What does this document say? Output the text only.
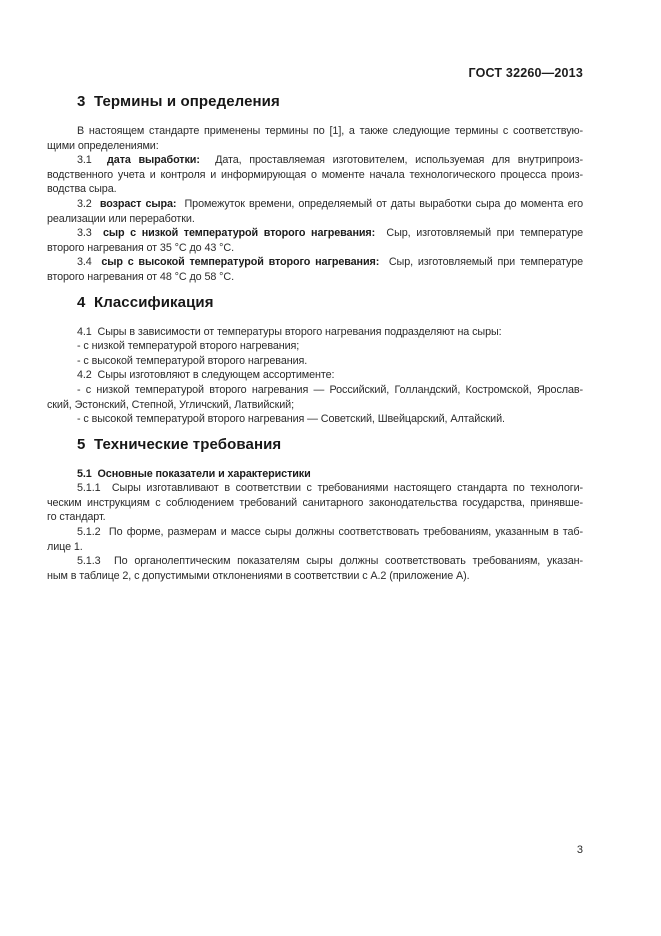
ГОСТ 32260—2013
3  Термины и определения
В настоящем стандарте применены термины по [1], а также следующие термины с соответствую-
щими определениями:
3.1  дата выработки:  Дата, проставляемая изготовителем, используемая для внутрипроиз-
водственного учета и контроля и информирующая о моменте начала технологического процесса произ-
водства сыра.
3.2  возраст сыра:  Промежуток времени, определяемый от даты выработки сыра до момента его
реализации или переработки.
3.3  сыр с низкой температурой второго нагревания:  Сыр, изготовляемый при температуре
второго нагревания от 35 °С до 43 °С.
3.4  сыр с высокой температурой второго нагревания:  Сыр, изготовляемый при температуре
второго нагревания от 48 °С до 58 °С.
4  Классификация
4.1  Сыры в зависимости от температуры второго нагревания подразделяют на сыры:
- с низкой температурой второго нагревания;
- с высокой температурой второго нагревания.
4.2  Сыры изготовляют в следующем ассортименте:
- с низкой температурой второго нагревания — Российский, Голландский, Костромской, Ярослав-
ский, Эстонский, Степной, Угличский, Латвийский;
- с высокой температурой второго нагревания — Советский, Швейцарский, Алтайский.
5  Технические требования
5.1  Основные показатели и характеристики
5.1.1  Сыры изготавливают в соответствии с требованиями настоящего стандарта по технологи-
ческим инструкциям с соблюдением требований санитарного законодательства государства, принявше-
го стандарт.
5.1.2  По форме, размерам и массе сыры должны соответствовать требованиям, указанным в таб-
лице 1.
5.1.3  По органолептическим показателям сыры должны соответствовать требованиям, указан-
ным в таблице 2, с допустимыми отклонениями в соответствии с А.2 (приложение А).
3
